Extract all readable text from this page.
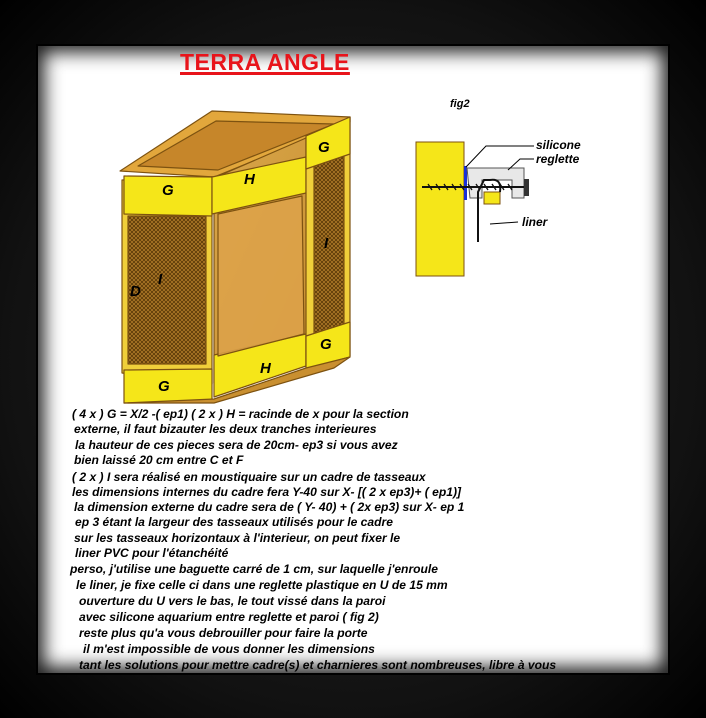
TERRA ANGLE
G
H
G
I
D
I
G
H
G
fig2
silicone
reglette
liner
( 4 x ) G = X/2 -( ep1) ( 2 x ) H = racinde de x pour la section
externe, il faut bizauter les deux tranches interieures
la hauteur de ces pieces sera de 20cm- ep3 si vous avez
bien laissé 20 cm entre C et F
( 2 x ) I sera réalisé en moustiquaire sur un cadre de tasseaux
les dimensions internes du cadre fera Y-40 sur X- [( 2 x ep3)+ ( ep1)]
la dimension externe du cadre sera de ( Y- 40) + ( 2x ep3) sur X- ep 1
ep 3 étant la largeur des tasseaux utilisés pour le cadre
sur les tasseaux horizontaux à l'interieur, on peut fixer le
liner PVC pour l'étanchéité
perso, j'utilise une baguette carré de 1 cm, sur laquelle j'enroule
le liner, je fixe celle ci dans une reglette plastique en U de 15 mm
ouverture du U vers le bas, le tout vissé dans la paroi
avec silicone aquarium entre reglette et paroi ( fig 2)
reste plus qu'a vous debrouiller pour faire la porte
il m'est impossible de vous donner les dimensions
tant les solutions pour mettre cadre(s) et charnieres sont nombreuses, libre à vous
